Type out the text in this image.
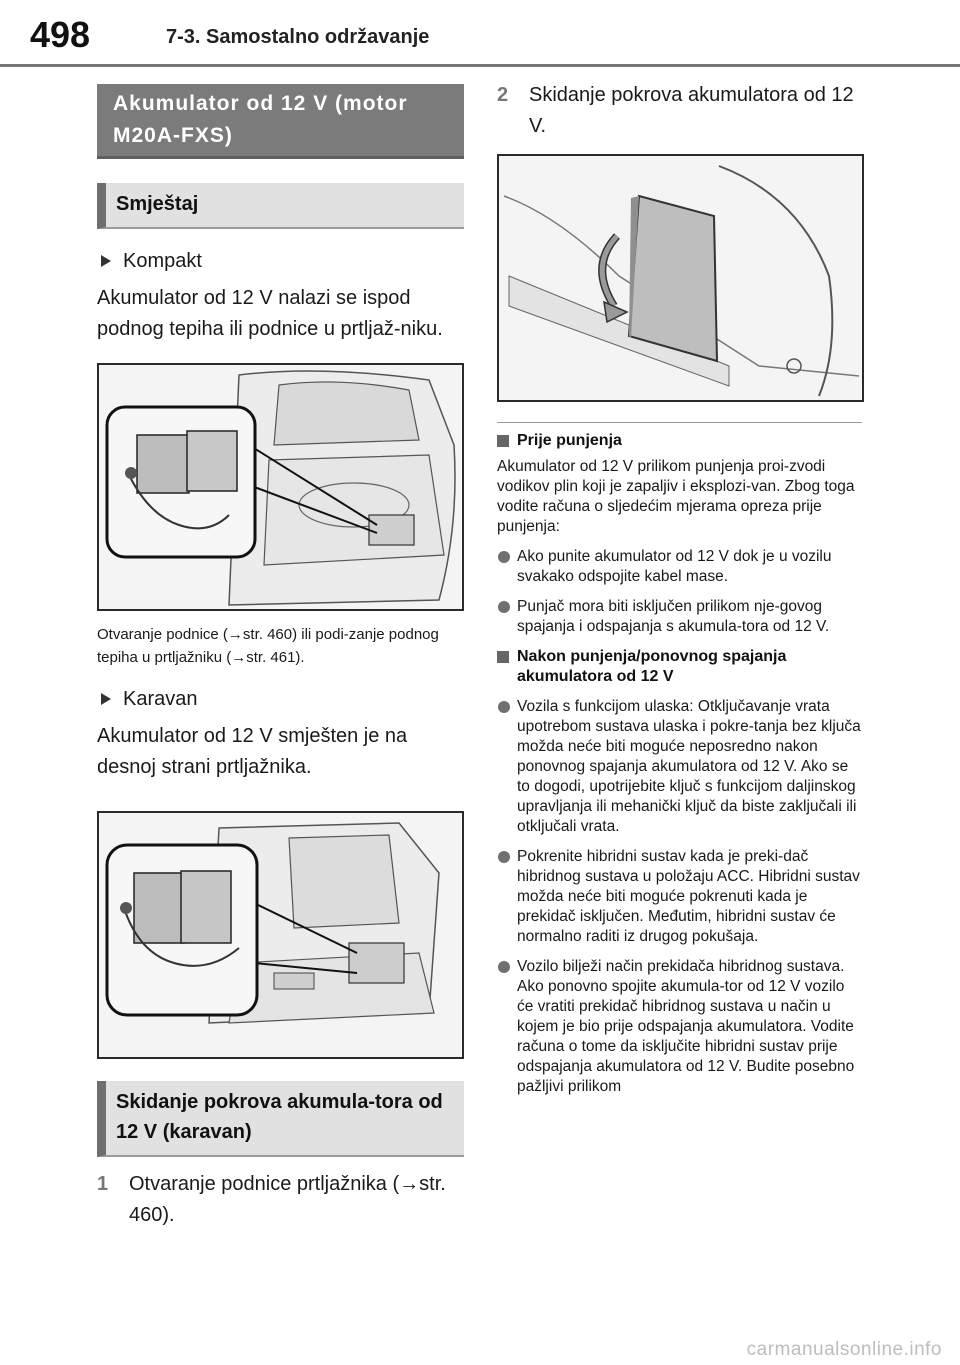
498	7-3. Samostalno održavanje
Akumulator od 12 V (motor M20A-FXS)
Smještaj
Kompakt

Akumulator od 12 V nalazi se ispod podnog tepiha ili podnice u prtljaž-niku.

Otvaranje podnice (→str. 460) ili podi-zanje podnog tepiha u prtljažniku (→str. 461).

Karavan

Akumulator od 12 V smješten je na desnoj strani prtljažnika.

Skidanje pokrova akumula-tora od 12 V (karavan)
1 Otvaranje podnice prtljažnika (→str. 460).
2 Skidanje pokrova akumulatora od 12 V.
Prije punjenja

Akumulator od 12 V prilikom punjenja proi-zvodi vodikov plin koji je zapaljiv i eksplozi-van. Zbog toga vodite računa o sljedećim mjerama opreza prije punjenja:

Ako punite akumulator od 12 V dok je u vozilu svakako odspojite kabel mase.
Punjač mora biti isključen prilikom nje-govog spajanja i odspajanja s akumula-tora od 12 V.
Nakon punjenja/ponovnog spajanja akumulatora od 12 V
Vozila s funkcijom ulaska: Otključavanje vrata upotrebom sustava ulaska i pokre-tanja bez ključa možda neće biti moguće neposredno nakon ponovnog spajanja akumulatora od 12 V. Ako se to dogodi, upotrijebite ključ s funkcijom daljinskog upravljanja ili mehanički ključ da biste zaključali ili otključali vrata.
Pokrenite hibridni sustav kada je preki-dač hibridnog sustava u položaju ACC. Hibridni sustav možda neće biti moguće pokrenuti kada je prekidač isključen. Međutim, hibridni sustav će normalno raditi iz drugog pokušaja.
Vozilo bilježi način prekidača hibridnog sustava. Ako ponovno spojite akumula-tor od 12 V vozilo će vratiti prekidač hibridnog sustava u način u kojem je bio prije odspajanja akumulatora. Vodite računa o tome da isključite hibridni sustav prije odspajanja akumulatora od 12 V. Budite posebno pažljivi prilikom
carmanualsonline.info
